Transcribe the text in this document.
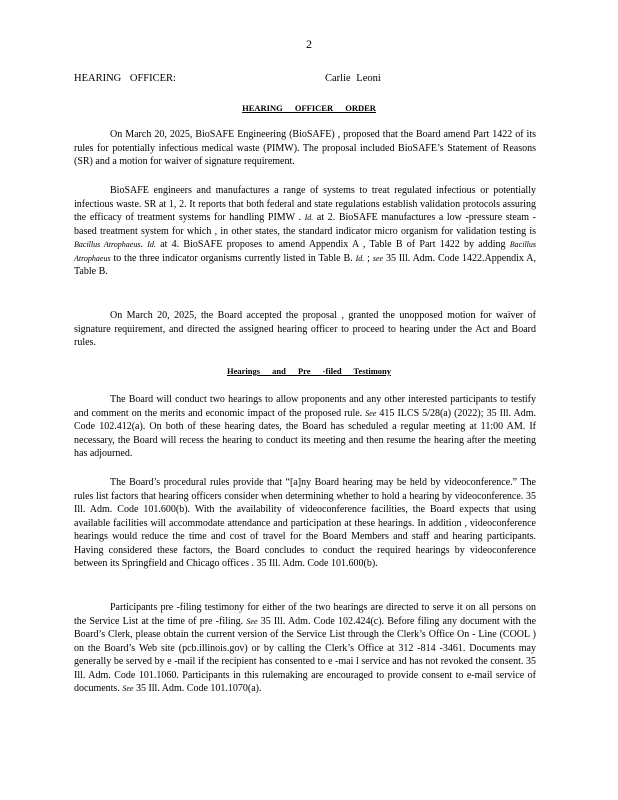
2
HEARING OFFICER:	Carlie Leoni
HEARING OFFICER ORDER

On March 20, 2025, BioSAFE Engineering (BioSAFE) , proposed that the Board amend Part 1422 of its rules for potentially infectious medical waste (PIMW). The proposal included BioSAFE’s Statement of Reasons (SR) and a motion for waiver of signature requirement.

BioSAFE engineers and manufactures a range of systems to treat regulated infectious or potentially infectious waste. SR at 1, 2. It reports that both federal and state regulations establish validation protocols assuring the efficacy of treatment systems for handling PIMW . Id. at 2. BioSAFE manufactures a low -pressure steam -based treatment system for which , in other states, the standard indicator micro organism for validation testing is Bacillus Atrophaeus. Id. at 4. BioSAFE proposes to amend Appendix A , Table B of Part 1422 by adding Bacillus Atrophaeus to the three indicator organisms currently listed in Table B. Id. ; see 35 Ill. Adm. Code 1422.Appendix A, Table B.

On March 20, 2025, the Board accepted the proposal , granted the unopposed motion for waiver of signature requirement, and directed the assigned hearing officer to proceed to hearing under the Act and Board rules.

Hearings and Pre -filed Testimony

The Board will conduct two hearings to allow proponents and any other interested participants to testify and comment on the merits and economic impact of the proposed rule. See 415 ILCS 5/28(a) (2022); 35 Ill. Adm. Code 102.412(a). On both of these hearing dates, the Board has scheduled a regular meeting at 11:00 AM. If necessary, the Board will recess the hearing to conduct its meeting and then resume the hearing after the meeting has adjourned.

The Board’s procedural rules provide that “[a]ny Board hearing may be held by videoconference.” The rules list factors that hearing officers consider when determining whether to hold a hearing by videoconference. 35 Ill. Adm. Code 101.600(b). With the availability of videoconference facilities, the Board expects that using available facilities will accommodate attendance and participation at these hearings. In addition , videoconference hearings would reduce the time and cost of travel for the Board Members and staff and hearing participants. Having considered these factors, the Board concludes to conduct the required hearings by videoconference between its Springfield and Chicago offices . 35 Ill. Adm. Code 101.600(b).

Participants pre -filing testimony for either of the two hearings are directed to serve it on all persons on the Service List at the time of pre -filing. See 35 Ill. Adm. Code 102.424(c). Before filing any document with the Board’s Clerk, please obtain the current version of the Service List through the Clerk’s Office On - Line (COOL ) on the Board’s Web site (pcb.illinois.gov) or by calling the Clerk’s Office at 312 -814 -3461. Documents may generally be served by e -mail if the recipient has consented to e -mai l service and has not revoked the consent. 35 Ill. Adm. Code 101.1060. Participants in this rulemaking are encouraged to provide consent to e-mail service of documents. See 35 Ill. Adm. Code 101.1070(a).
